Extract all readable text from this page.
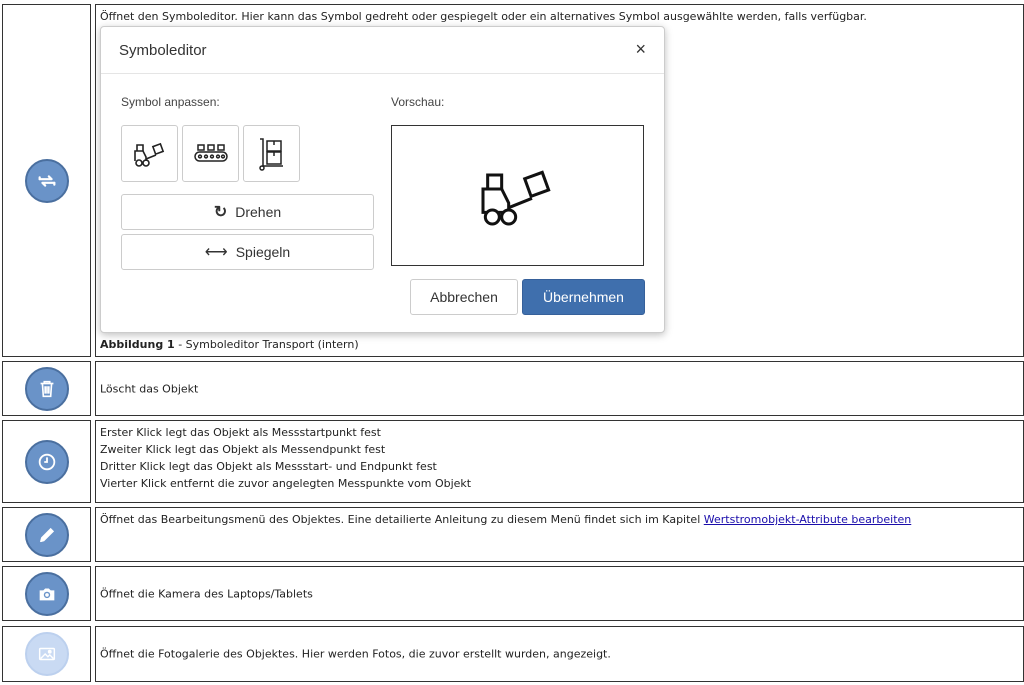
Öffnet den Symboleditor. Hier kann das Symbol gedreht oder gespiegelt oder ein alternatives Symbol ausgewählte werden, falls verfügbar.
Abbildung 1 - Symboleditor Transport (intern)
Symboleditor	×
Symbol anpassen:	Vorschau:
↻ Drehen
⟷ Spiegeln
Abbrechen	Übernehmen
Löscht das Objekt
Erster Klick legt das Objekt als Messstartpunkt fest
Zweiter Klick legt das Objekt als Messendpunkt fest
Dritter Klick legt das Objekt als Messstart- und Endpunkt fest
Vierter Klick entfernt die zuvor angelegten Messpunkte vom Objekt
Öffnet das Bearbeitungsmenü des Objektes. Eine detailierte Anleitung zu diesem Menü findet sich im Kapitel Wertstromobjekt-Attribute bearbeiten
Öffnet die Kamera des Laptops/Tablets
Öffnet die Fotogalerie des Objektes. Hier werden Fotos, die zuvor erstellt wurden, angezeigt.
